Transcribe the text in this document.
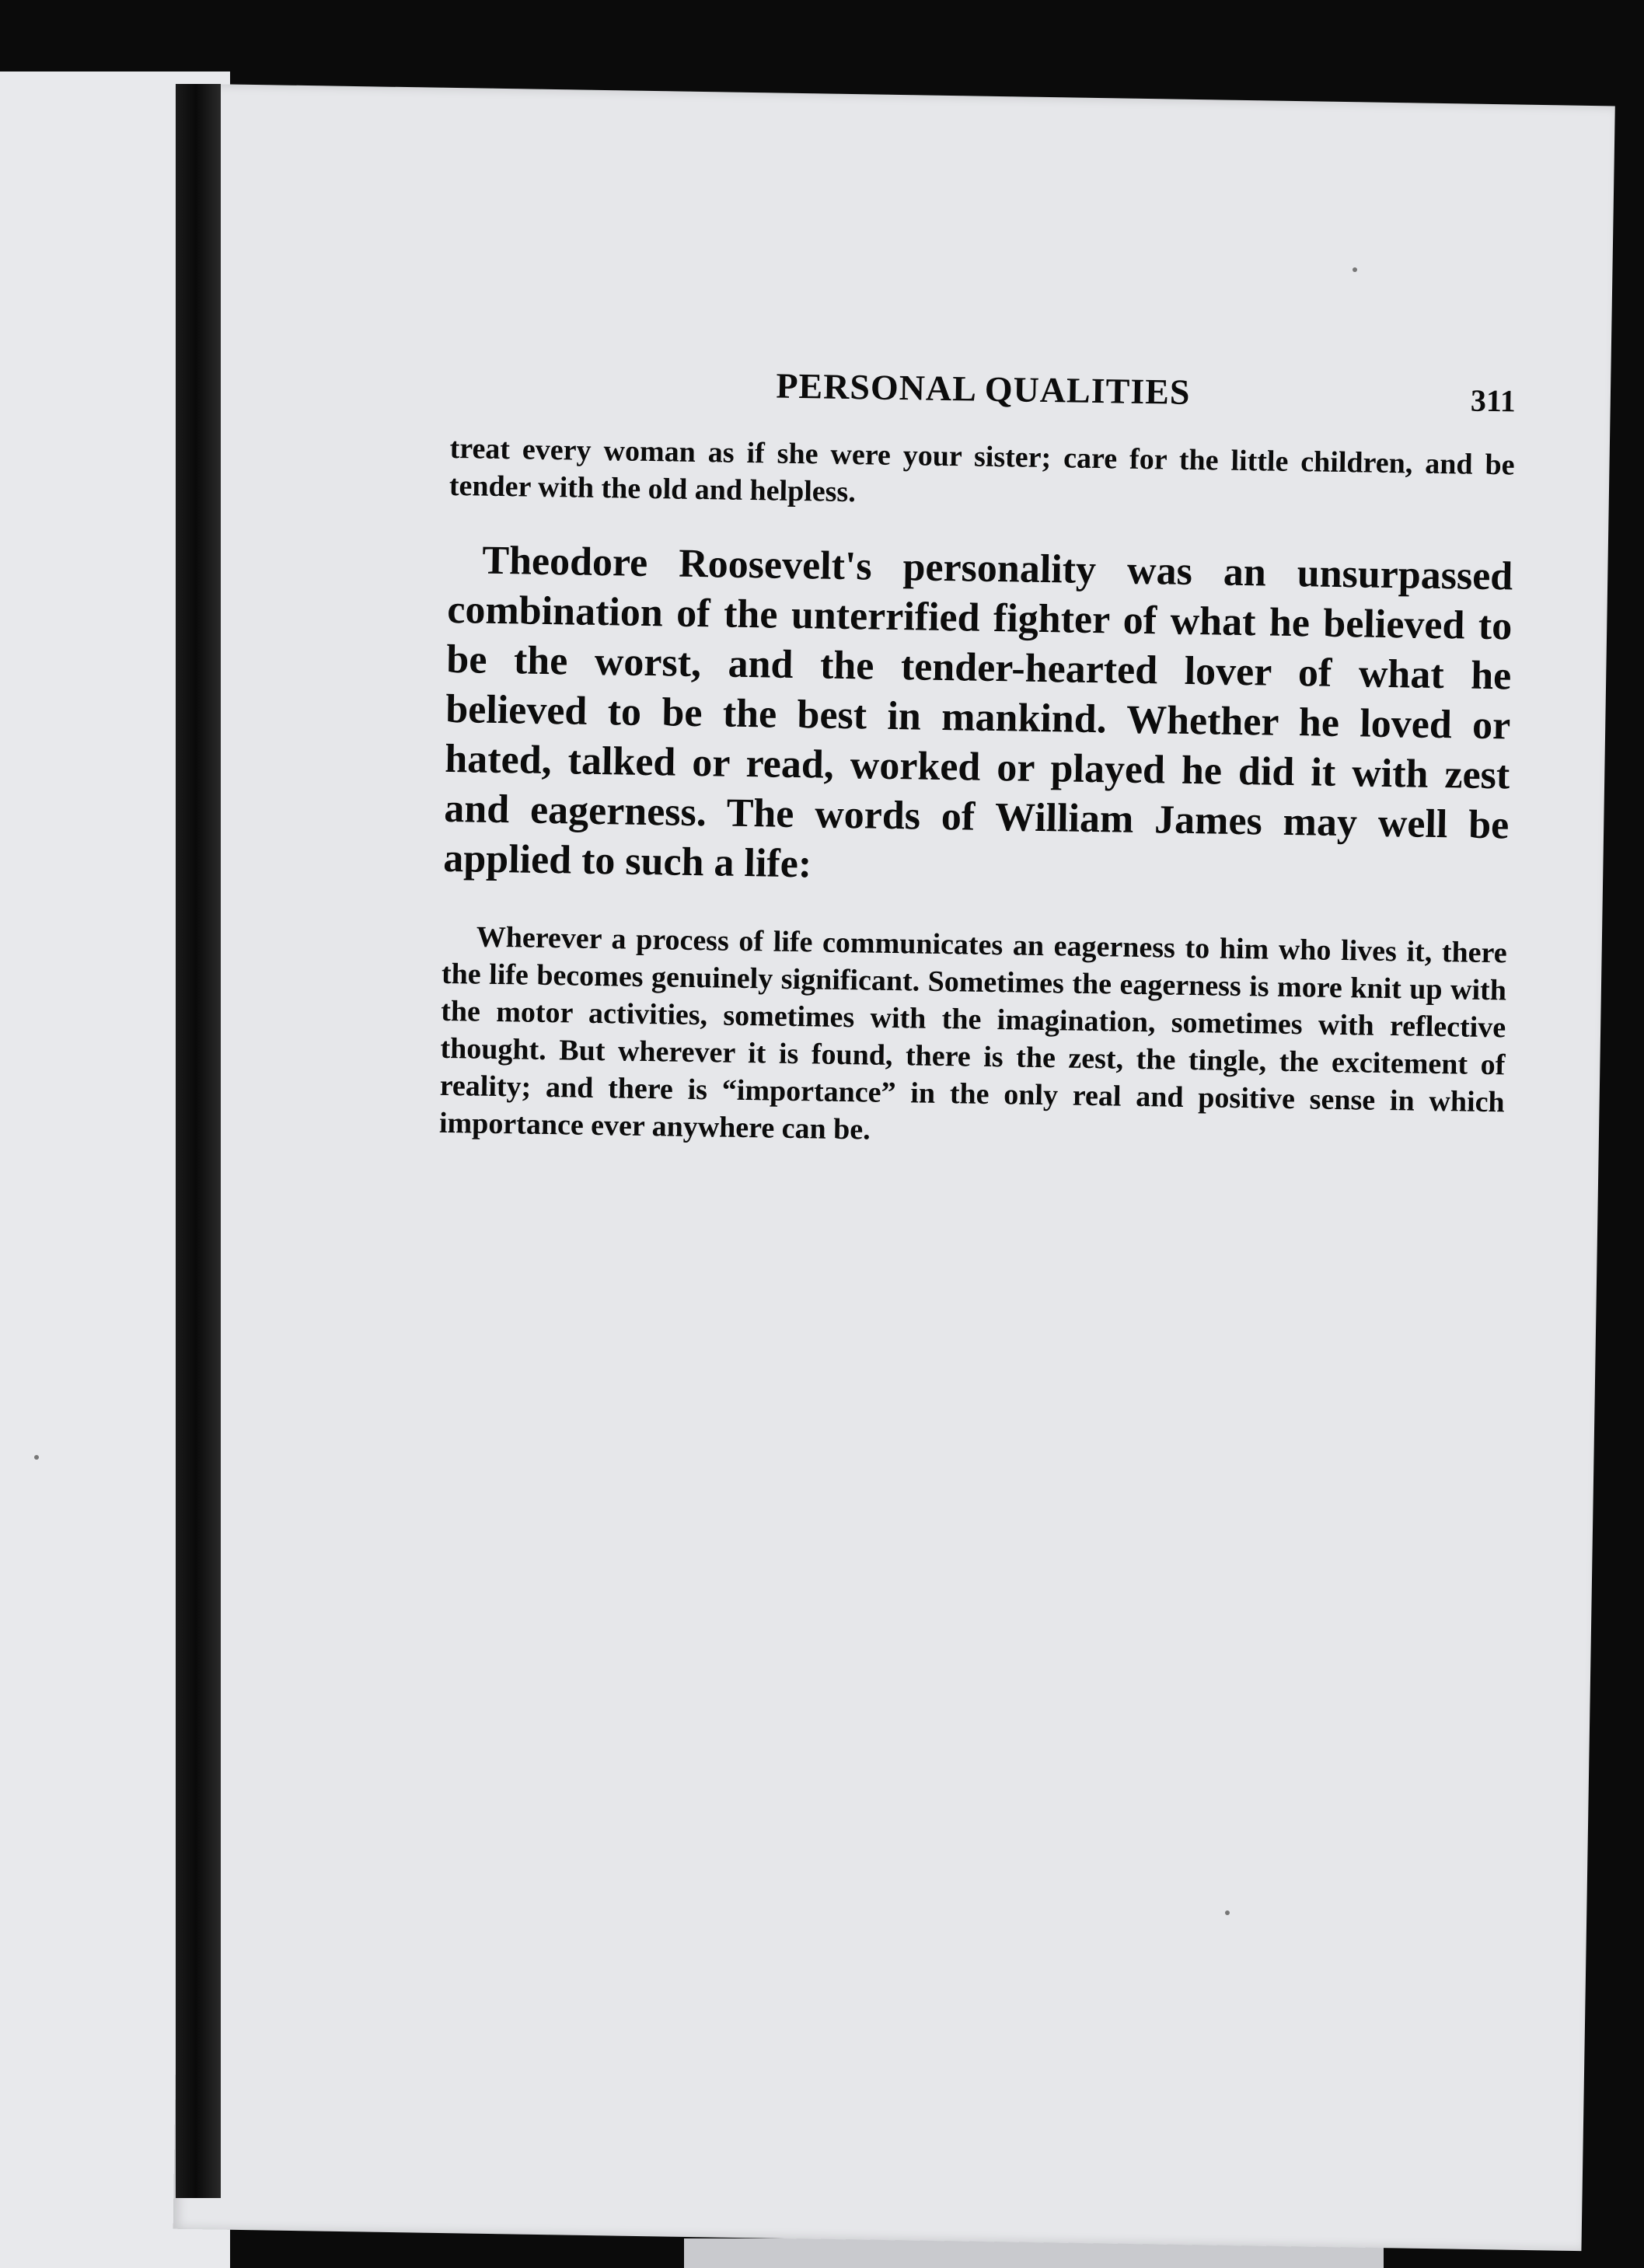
PERSONAL QUALITIES	311

treat every woman as if she were your sister; care for the little children, and be tender with the old and helpless.

Theodore Roosevelt's personality was an unsurpassed combination of the unterrified fighter of what he believed to be the worst, and the tender-hearted lover of what he believed to be the best in mankind. Whether he loved or hated, talked or read, worked or played he did it with zest and eagerness. The words of William James may well be applied to such a life:

Wherever a process of life communicates an eagerness to him who lives it, there the life becomes genuinely significant. Sometimes the eagerness is more knit up with the motor activities, sometimes with the imagination, sometimes with reflective thought. But wherever it is found, there is the zest, the tingle, the excitement of reality; and there is “importance” in the only real and positive sense in which importance ever anywhere can be.
